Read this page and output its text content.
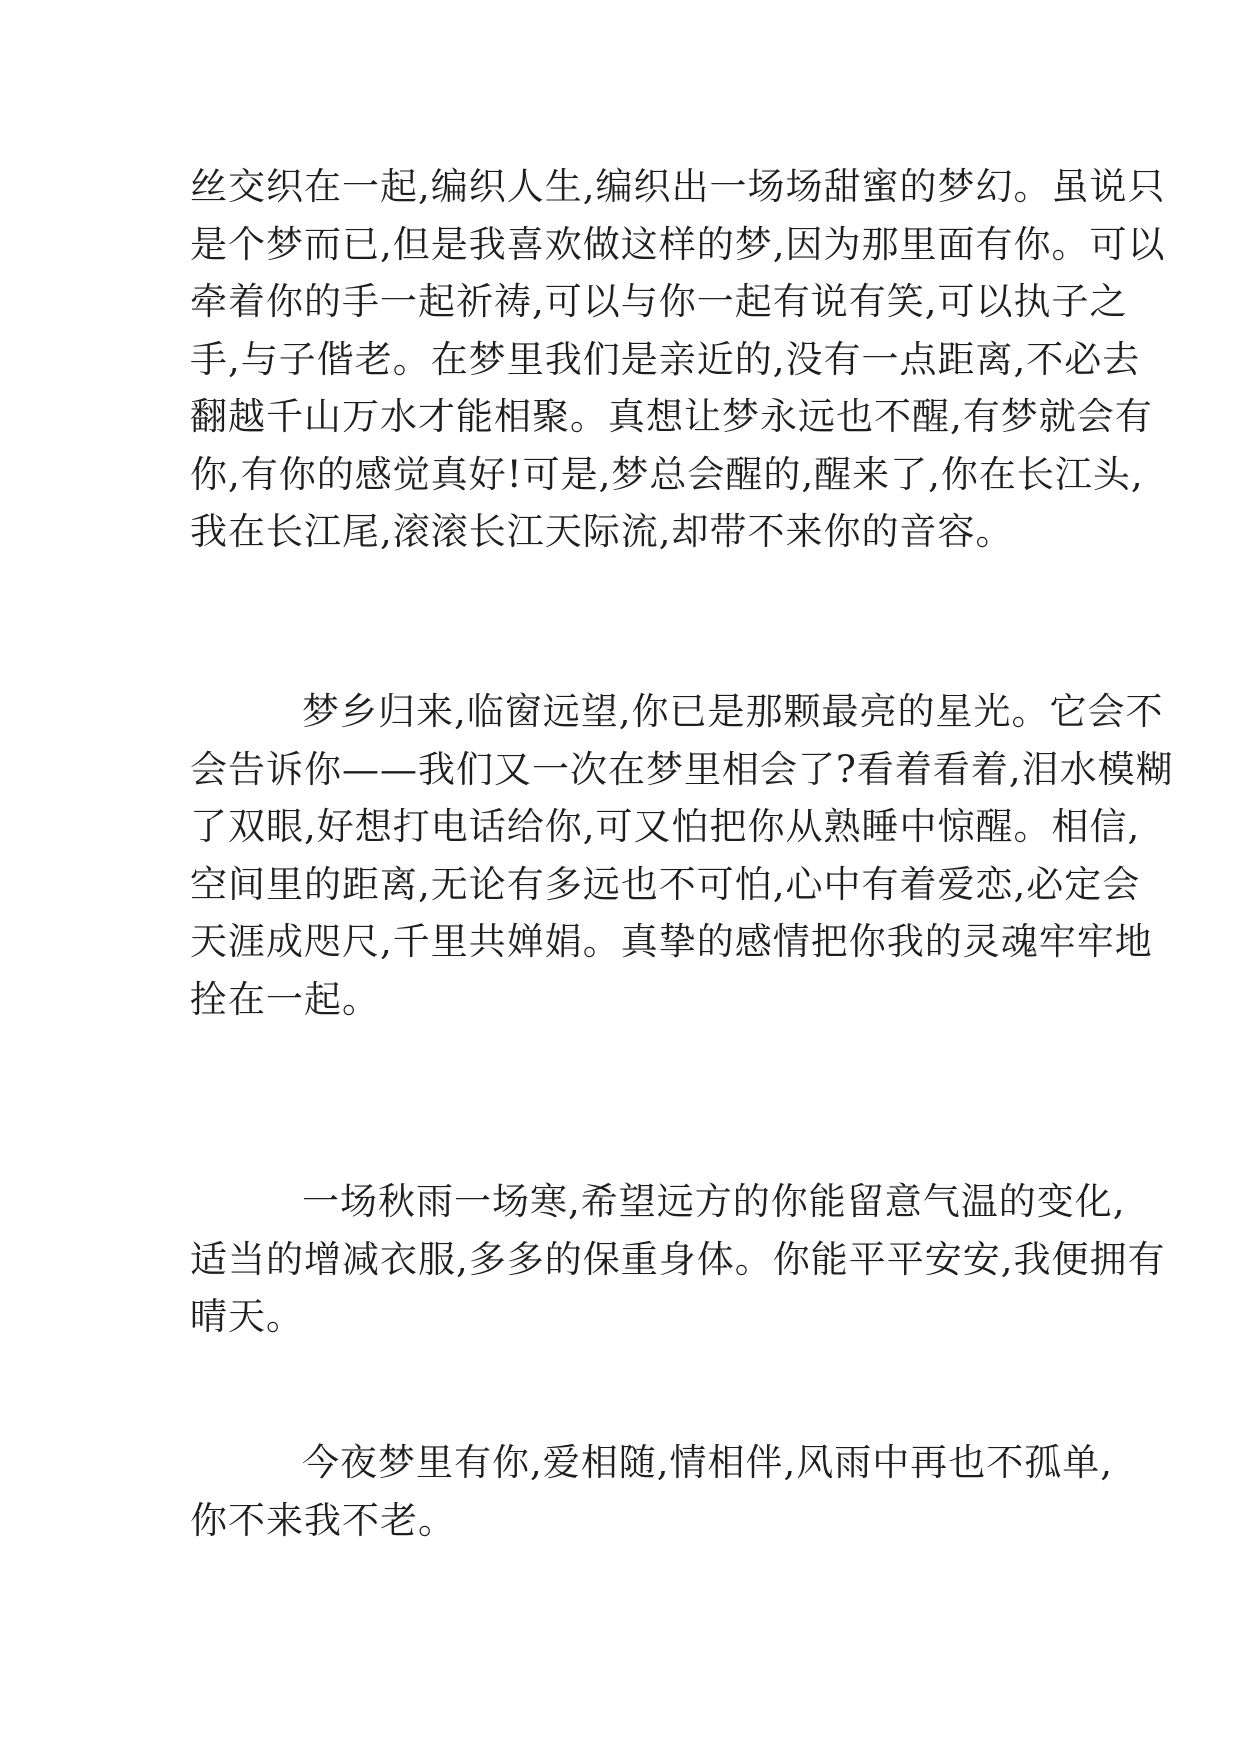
丝交织在一起,编织人生,编织出一场场甜蜜的梦幻。虽说只
是个梦而已,但是我喜欢做这样的梦,因为那里面有你。可以
牵着你的手一起祈祷,可以与你一起有说有笑,可以执子之
手,与子偕老。在梦里我们是亲近的,没有一点距离,不必去
翻越千山万水才能相聚。真想让梦永远也不醒,有梦就会有
你,有你的感觉真好!可是,梦总会醒的,醒来了,你在长江头,
我在长江尾,滚滚长江天际流,却带不来你的音容。
梦乡归来,临窗远望,你已是那颗最亮的星光。它会不
会告诉你——我们又一次在梦里相会了?看着看着,泪水模糊
了双眼,好想打电话给你,可又怕把你从熟睡中惊醒。相信,
空间里的距离,无论有多远也不可怕,心中有着爱恋,必定会
天涯成咫尺,千里共婵娟。真挚的感情把你我的灵魂牢牢地
拴在一起。
一场秋雨一场寒,希望远方的你能留意气温的变化,
适当的增减衣服,多多的保重身体。你能平平安安,我便拥有
晴天。
今夜梦里有你,爱相随,情相伴,风雨中再也不孤单,
你不来我不老。
